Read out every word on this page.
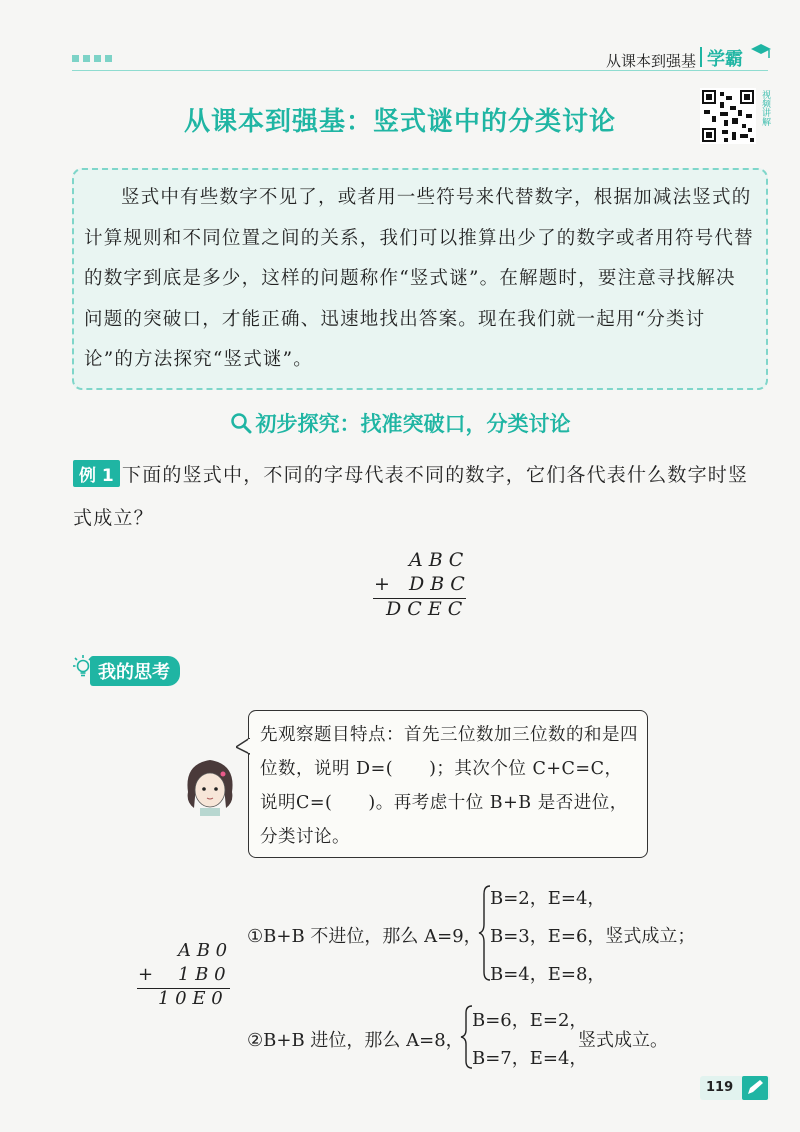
从课本到强基 学霸
从课本到强基：竖式谜中的分类讨论	视频讲解
竖式中有些数字不见了，或者用一些符号来代替数字，根据加减法竖式的计算规则和不同位置之间的关系，我们可以推算出少了的数字或者用符号代替的数字到底是多少，这样的问题称作“竖式谜”。在解题时，要注意寻找解决问题的突破口，才能正确、迅速地找出答案。现在我们就一起用“分类讨论”的方法探究“竖式谜”。
初步探究：找准突破口，分类讨论
例 1 下面的竖式中，不同的字母代表不同的数字，它们各代表什么数字时竖
式成立？
A B C
+ D B C
D C E C
我的思考
先观察题目特点：首先三位数加三位数的和是四位数，说明 D=(　　)；其次个位 C+C=C，说明C=(　　)。再考虑十位 B+B 是否进位，分类讨论。
A B 0
+ 1 B 0
1 0 E 0
①B+B 不进位，那么 A=9，
B=2，E=4，
B=3，E=6，竖式成立；
B=4，E=8，
②B+B 进位，那么 A=8，
B=6，E=2，
B=7，E=4，
竖式成立。
119
